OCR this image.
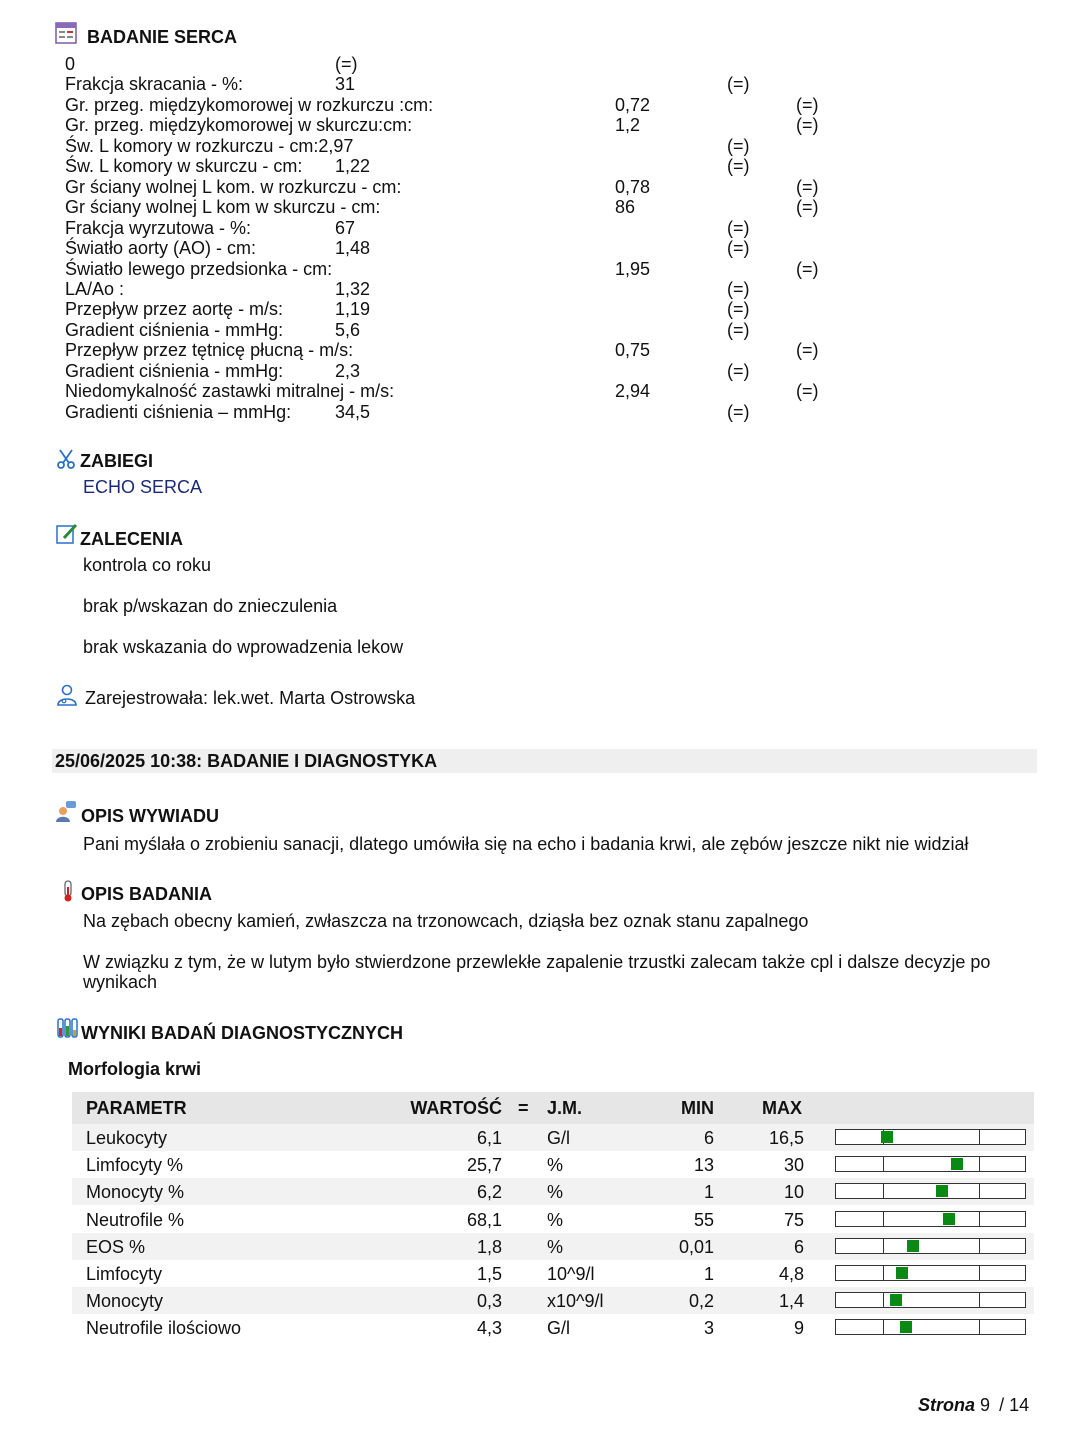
BADANIE SERCA
0	(=)
Frakcja skracania - %:	31	(=)
Gr. przeg. międzykomorowej w rozkurczu :cm:	0,72	(=)
Gr. przeg. międzykomorowej w skurczu:cm:	1,2	(=)
Św. L komory w rozkurczu - cm:2,97	(=)
Św. L komory w skurczu - cm: 1,22	(=)
Gr ściany wolnej L kom. w rozkurczu - cm:	0,78	(=)
Gr ściany wolnej L kom w skurczu - cm:	86	(=)
Frakcja wyrzutowa - %:	67	(=)
Światło aorty (AO) - cm:	1,48	(=)
Światło lewego przedsionka - cm:	1,95	(=)
LA/Ao :	1,32	(=)
Przepływ przez aortę - m/s:	1,19	(=)
Gradient ciśnienia - mmHg:	5,6	(=)
Przepływ przez tętnicę płucną - m/s:	0,75	(=)
Gradient ciśnienia - mmHg:	2,3	(=)
Niedomykalność zastawki mitralnej - m/s:	2,94	(=)
Gradienti ciśnienia – mmHg: 34,5	(=)
ZABIEGI
ECHO SERCA
ZALECENIA
kontrola co roku
brak p/wskazan do znieczulenia
brak wskazania do wprowadzenia lekow
Zarejestrowała: lek.wet. Marta Ostrowska
25/06/2025 10:38: BADANIE I DIAGNOSTYKA
OPIS WYWIADU
Pani myślała o zrobieniu sanacji, dlatego umówiła się na echo i badania krwi, ale zębów jeszcze nikt nie widział
OPIS BADANIA
Na zębach obecny kamień, zwłaszcza na trzonowcach, dziąsła bez oznak stanu zapalnego
W związku z tym, że w lutym było stwierdzone przewlekłe zapalenie trzustki zalecam także cpl i dalsze decyzje po
wynikach
WYNIKI BADAŃ DIAGNOSTYCZNYCH
Morfologia krwi
PARAMETR	WARTOŚĆ = J.M.	MIN	MAX
Leukocyty	6,1	G/l	6	16,5
Limfocyty %	25,7	%	13	30
Monocyty %	6,2	%	1	10
Neutrofile %	68,1	%	55	75
EOS %	1,8	%	0,01	6
Limfocyty	1,5	10^9/l	1	4,8
Monocyty	0,3	x10^9/l	0,2	1,4
Neutrofile ilościowo	4,3	G/l	3	9
Strona 9 / 14
